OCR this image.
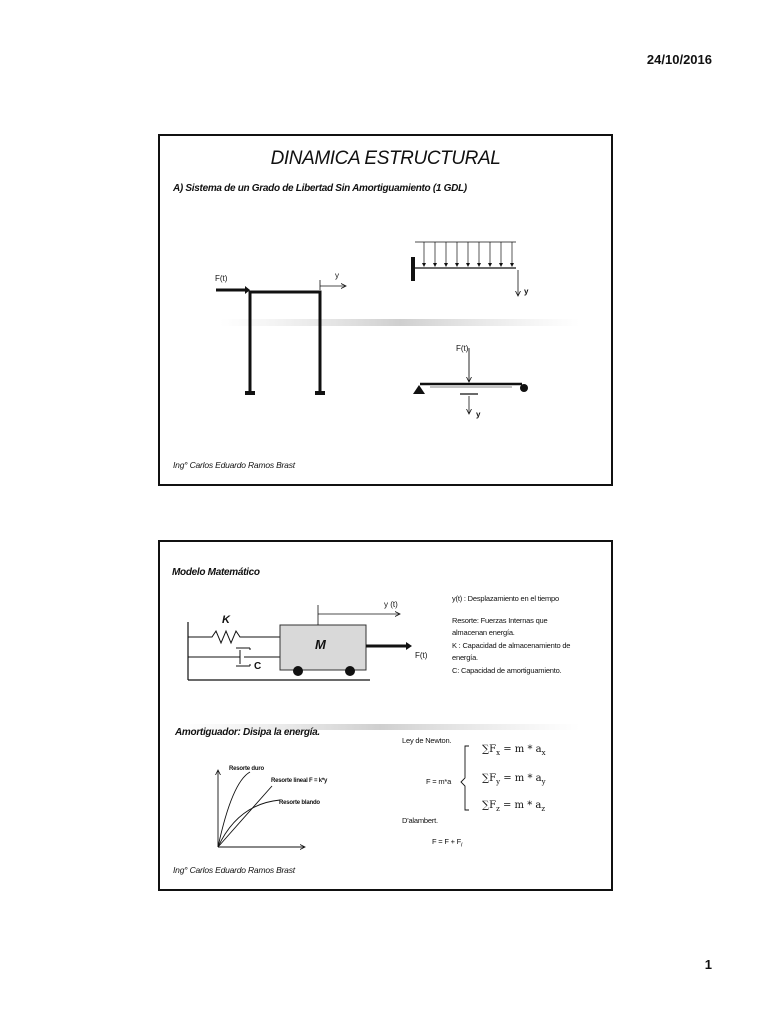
24/10/2016
DINAMICA ESTRUCTURAL
A) Sistema de un Grado de Libertad Sin Amortiguamiento (1 GDL)
F(t)	y
y
F(t)
y
Ing° Carlos Eduardo Ramos Brast
Modelo Matemático
K
C
M
y (t)
F(t)
y(t) : Desplazamiento en el tiempo
Resorte: Fuerzas Internas que
almacenan energía.
K : Capacidad de almacenamiento de
energía.
C: Capacidad de amortiguamiento.
Amortiguador: Disipa la energía.
Resorte duro
Resorte lineal F = k*y
Resorte blando
Ley de Newton.
F = m*a
$\sum F_x = m * a_x$
$\sum F_y = m * a_y$
$\sum F_z = m * a_z$
D'alambert.
$F = F + F_i$
Ing° Carlos Eduardo Ramos Brast
1
